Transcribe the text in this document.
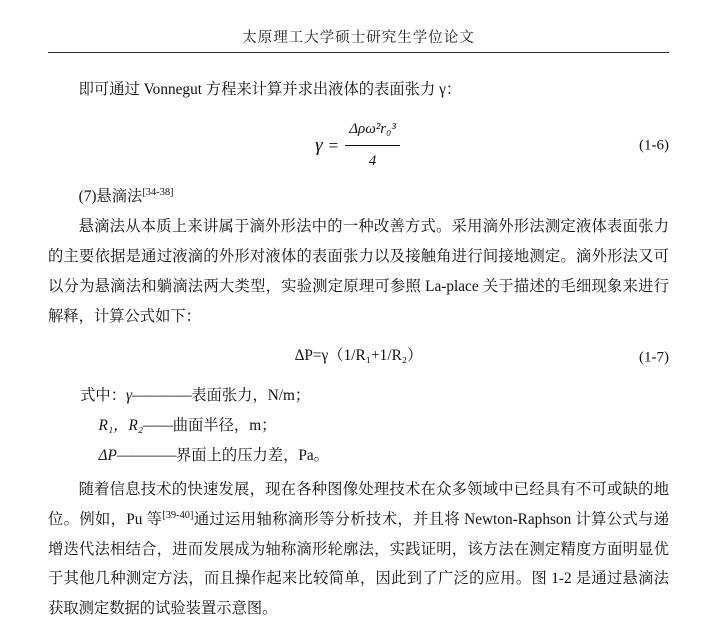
太原理工大学硕士研究生学位论文

即可通过 Vonnegut 方程来计算并求出液体的表面张力 γ：

$\gamma = \frac{\text{Δρω²r₀³}}{4}$	(1-6)

(7)悬滴法[34-38]

悬滴法从本质上来讲属于滴外形法中的一种改善方式。采用滴外形法测定液体表面张力的主要依据是通过液滴的外形对液体的表面张力以及接触角进行间接地测定。滴外形法又可以分为悬滴法和躺滴法两大类型，实验测定原理可参照 La-place 关于描述的毛细现象来进行解释，计算公式如下：

ΔP=γ（1/R₁+1/R₂）	(1-7)

式中：γ————表面张力，N/m；

R₁，R₂——曲面半径，m；

ΔP————界面上的压力差，Pa。

随着信息技术的快速发展，现在各种图像处理技术在众多领域中已经具有不可或缺的地位。例如，Pu 等[39-40]通过运用轴称滴形等分析技术，并且将 Newton-Raphson 计算公式与递增迭代法相结合，进而发展成为轴称滴形轮廓法，实践证明，该方法在测定精度方面明显优于其他几种测定方法，而且操作起来比较简单，因此到了广泛的应用。图 1-2 是通过悬滴法获取测定数据的试验装置示意图。
